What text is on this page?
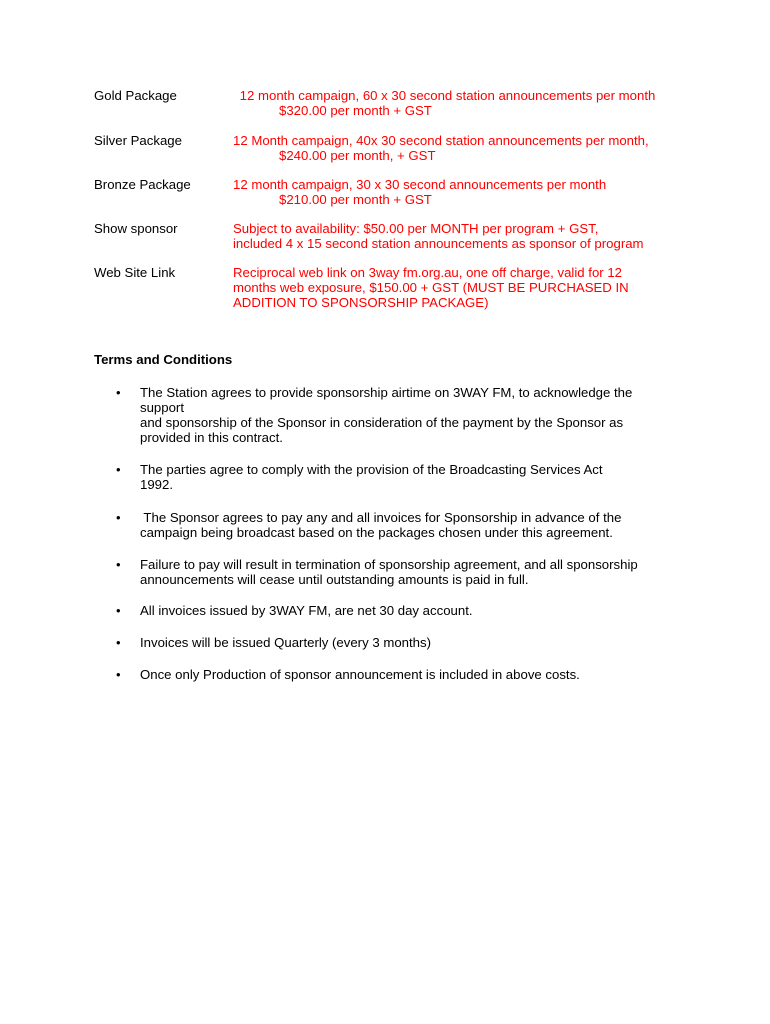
Gold Package	12 month campaign, 60 x 30 second station announcements per month
$320.00 per month + GST
Silver Package	12 Month campaign, 40x 30 second station announcements per month,
$240.00 per month, + GST
Bronze Package	12 month campaign, 30 x 30 second announcements per month
$210.00 per month + GST
Show sponsor	Subject to availability: $50.00 per MONTH per program + GST,
included 4 x 15 second station announcements as sponsor of program
Web Site Link	Reciprocal web link on 3way fm.org.au, one off charge, valid for 12
months web exposure, $150.00 + GST (MUST BE PURCHASED IN
ADDITION TO SPONSORSHIP PACKAGE)
Terms and Conditions
• The Station agrees to provide sponsorship airtime on 3WAY FM, to acknowledge the
support
and sponsorship of the Sponsor in consideration of the payment by the Sponsor as
provided in this contract.
• The parties agree to comply with the provision of the Broadcasting Services Act
1992.
• The Sponsor agrees to pay any and all invoices for Sponsorship in advance of the
campaign being broadcast based on the packages chosen under this agreement.
• Failure to pay will result in termination of sponsorship agreement, and all sponsorship
announcements will cease until outstanding amounts is paid in full.
• All invoices issued by 3WAY FM, are net 30 day account.
• Invoices will be issued Quarterly (every 3 months)
• Once only Production of sponsor announcement is included in above costs.
